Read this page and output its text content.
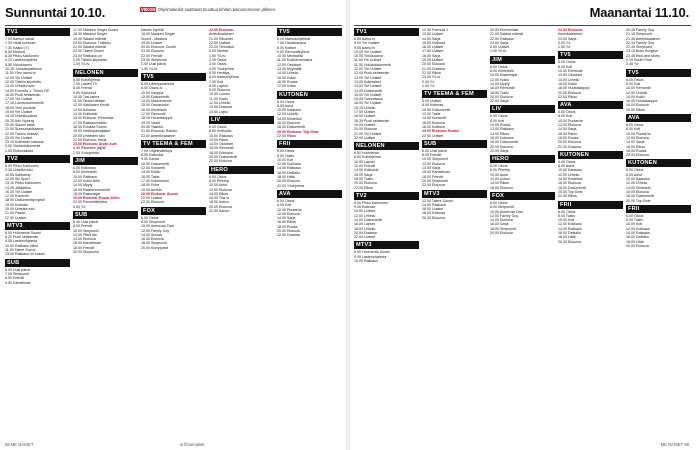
Sunnuntai 10.10.	VIIKON Ohjelmatiedot saattavat muuttua lehden painoonmenon jälkeen.
TV1
7.00 Aamun sanat
7.05 Hetki suvessa
7.30 Kaapo (7)
8.00 Muumit
8.30 Pikku Kakkonen
9.20 Lastenohjelmia
9.50 Ykkösaamu
10.30 Jumalanpalvelus
11.30 Ylen aamu-tv
12.00 Yle Uutiset
12.05 Tähtiin kirjoitettu
13.00 Urheiluruutu
14.00 Formula 1: Turkin GP
16.00 Puoli seitsemän
17.00 Yle Uutiset
17.10 Luontodokumentti
18.00 Ylen puolella
19.00 Yle Uutiset
19.15 Urheiluuutiset
19.20 Arto Nyberg
20.00 Sukuni salat
21.00 Sunnuntaidraama
22.00 Tunnin dokkari
23.00 Yle Uutiset
23.15 Kotimaan katsaus
0.00 Ykkösdokumentti
1.05 Elokuvaklubi
TV2
6.00 Pikku Kakkonen
9.30 Urheiluruutu
10.55 Salibandy
12.00 Ski Sport
13.10 Pikku Kakkonen
14.05 Jääkiekko
16.30 Yle Uutiset
17.00 Kummeli
18.00 Dokumenttiprojekti
19.00 Kotikatu
20.00 Urheiluruutu
21.00 Pasila
22.00 Uutiset
MTV3
6.00 Huomenta Suomi
8.20 Puoli seitsemän
9.55 Lastenohjelmia
10.00 Rakkaus kiitos
11.00 Talent Suomi
13.00 Rakkaus on sokea
SUB
6.00 Uusi päivä
7.00 Simpsonit
8.00 Frendit
9.00 Kahdeksan
17.00 Masked Singer Suomi
18.30 Masked Singer
19.00 Salatut elämät
20.00 Elokuva: Tulitikku
21.00 Salatut elämät
22.00 Talent Suomi
23.00 Rakkaus on
0.00 Tähtiin kirjoitettu
1.00 Yö-tv
NELONEN
6.00 Kotiohjelma
7.00 Lasten TV
8.00 Frendit
9.00 Kadonnut
10.00 Tosi tarina
11.00 Tanssii tähtien
12.00 Kakkosen Kevät
13.00 Autoilua
14.00 Kotikokki
15.00 Elokuva: Prinsessa
17.00 Rakkausvaihto
18.00 Ruokaa Suomi
19.00 Keittiöpainajaiset
20.00 Unelmien talo
21.00 Elokuva: Hurja
23.00 Elokuva: Aivan kuin
0.45 Rikoksen jäljillä
1.45 Yöohjelmia
JIM
6.00 Kotiostos
8.00 Kiinteistöt
10.00 Rakkaus
12.00 Kokki tähti
14.00 Myyty
16.00 Rakennusmiehet
18.00 Rakentajat
20.00 Elokuva: Ruma Velho
22.00 Remonttireiska
0.00 Yö
SUB
6.00 Uusi päivä
8.00 Frendit
10.00 Simpsonit
12.00 Pitkä ilta
14.00 Elokuva
16.00 Kahdeksan
18.00 Frendit
20.00 Simpsonit
Naruto myöhä
18.00 Masked Singer
Suomi - Masked
19.00 Uutiset
20.00 Elokuva: Zombi
21.30 Elokuva
22.00 Frendit
23.00 Simpsonit
0.00 Uusi päivä
1.00 Yö-tv
TV5
6.00 Lähetystoiminta
8.00 Ostos-tv
10.00 Kauppa
12.00 Dokumentti
14.00 Madventures
15.00 Ostosvinkit
16.00 Kiinteistöt
17.00 Remontti
18.00 Huutokauppa
19.00 Vaalit
20.00 Taistelu
21.00 Elokuva: Rambo
23.00 Amerikkalainen
TV TEEMA & FEM
7.00 Ohjelmatietoja
8.00 Kotikokki
9.00 Kansa
10.00 Dokumentti
12.00 Konsertti
14.00 Radio
16.00 Taide
17.00 Kotimainen
18.00 Puhe
19.00 Arkisto
20.00 Elokuva: Suomi
22.00 Uutiset
22.30 Elokuva
FOX
6.00 Ostos
8.00 Simpsonit
10.00 American Dad
12.00 Family Guy
14.00 Sunset
16.00 Elokuva
18.00 Simpsonit
20.00 Kumppanit
22.00 Elokuva:
Amerikkalainen
21.00 Rikokset
22.00 Uutiset
23.00 Tietoiskut
0.00 Murhat
1.00 Yö-tv
2.00 Ostos
3.00 Ostos
4.00 Yöohjelma
5.00 Herätys
6.00 Aamuohjelma
7.00 Koti
8.00 Lapset
9.00 Elokuva
10.00 Luonto
11.00 Tositv
12.00 Urheilu
13.00 Draama
14.00 Lapsi
LIV
6.00 Ostos
8.00 Kotikokki
10.00 Rakkaus
12.00 Rikos
14.00 Ostokset
16.00 Remontti
18.00 Kokkaus
20.00 Dokumentti
22.00 Elokuva
HERO
6.00 Ostos
8.00 Piirretyt
10.00 Autot
12.00 Elokuva
14.00 Rikos
16.00 Tosi tv
18.00 Action
20.00 Elokuva
22.00 Kauhu
TV5
6.10 Mainosohjelmat
7.00 Ostoskanava
8.00 Kotitori
9.00 Remonttiryhmä
10.00 Merihaitat
11.00 Kodinkunnostus
12.00 Ostokset
13.00 Myymälä
14.00 Urheilu
15.00 Kokki
16.00 Ruoka
17.00 Kotiin
KUTONEN
6.00 Ostos
8.00 Autot
10.00 Kalastus
12.00 Urheilu
14.00 Kiinteistö
16.00 Elokuva
18.00 Dokumentti
20.00 Elokuva: Top Gear
22.00 Rikos
FRII
6.00 Ostos
8.00 Tositv
10.00 Koti
12.00 Kokkaus
14.00 Rakkaus
16.00 Deittailu
18.00 Häät
20.00 Elokuva
22.00 Yöohjelma
AVA
6.00 Ostos
8.00 Koti
10.00 Puutarha
12.00 Elokuva
14.00 Sarja
16.00 Rikos
18.00 Ruoka
20.00 Elokuva
22.00 Draama
58 ME NAISET	is.fi/menaiset
Maanantai 11.10.
TV1
5.55 Aamu-tv
9.00 Yle Uutiset
9.05 Aamu-tv
10.00 Yle Uutiset
10.05 Ykkösaamu
11.00 Yle Uutiset
11.05 Ykkösdokumentti
12.00 Yle Uutiset
12.05 Puoli seitsemän
13.00 Yle Uutiset
13.05 Kotimaiset
14.00 Yle Uutiset
14.05 Dokumentti
15.00 Yle Uutiset
15.05 Tulevaisuus
16.00 Yle Uutiset
16.15 Urheilu
17.00 Uutiset
18.00 Uutiset
18.30 Puoli seitsemän
19.00 Uutiset
20.00 Elokuva
21.00 Yle Uutiset
22.00 Uutiset
NELONEN
6.00 Huomenta
8.00 Kotiohjelma
10.00 Lapset
12.00 Frendit
14.00 Kotikokki
16.00 Sarja
18.00 Tositv
20.00 Elokuva
22.00 Rikos
TV2
6.00 Pikku Kakkonen
9.00 Kotimaa
10.00 Uutiset
12.00 Urheilu
14.00 Dokumentti
16.00 Lapset
18.00 Urheilu
20.00 Draama
22.00 Uutiset
MTV3
6.00 Huomenta Suomi
9.00 Lastenohjelmia
10.00 Rakkaus
12.00 Formula 1
13.00 Uutiset
14.00 Sarja
15.00 Kotimaa
16.00 Uutiset
17.00 Uutiset
18.00 Sarja
19.00 Uutiset
20.00 Elokuva
21.00 Draama
22.00 Rikos
23.00 Yö-tv
0.00 Yö
1.00 Yö
TV TEEMA & FEM
6.00 Uutiset
8.00 Kotimaa
10.00 Dokumentti
12.00 Taide
14.00 Konsertti
16.00 Elokuva
18.00 Kulttuuri
20.00 Elokuva: Ruotsi
22.00 Uutiset
SUB
6.00 Uusi päivä
8.00 Frendit
10.00 Simpsonit
12.00 Elokuva
14.00 Sarja
16.00 Kahdeksan
18.00 Frendit
20.00 Simpsonit
22.00 Elokuva
MTV3
12.00 Talent Suomi
14.00 Rakkaus
16.00 Uutiset
18.00 Kotimaa
20.00 Elokuva
20.00 Emmerdale
21.00 Salatut elämät
22.00 Rakkaus
23.00 Sarja
0.00 Uutiset
1.00 Yö-tv
JIM
6.00 Ostos
8.00 Kiinteistöt
10.00 Rakentajat
12.00 Kokki
14.00 Myyty
16.00 Remontti
18.00 Tositv
20.00 Elokuva
22.00 Sarja
LIV
6.00 Ostos
8.00 Koti
10.00 Ruoka
12.00 Rakkaus
14.00 Rikos
16.00 Kokkaus
18.00 Dokumentti
20.00 Elokuva
22.00 Sarja
HERO
6.00 Ostos
8.00 Piirretyt
10.00 Autot
12.00 Action
14.00 Rikos
16.00 Elokuva
FOX
6.00 Ostos
8.00 Simpsonit
10.00 American Dad
12.00 Family Guy
14.00 Elokuva
16.00 Sarja
18.00 Simpsonit
20.00 Elokuva
22.00 Elokuva:
Amerikkalainen
23.00 Sarja
0.00 Yö
1.00 Yö
TV5
6.00 Ostos
8.00 Koti
10.00 Remontti
12.00 Ostokset
14.00 Urheilu
16.00 Kokki
18.00 Huutokauppa
20.00 Elokuva
22.00 Rikos
AVA
6.00 Ostos
8.00 Koti
10.00 Puutarha
12.00 Elokuva
14.00 Sarja
16.00 Rikos
18.00 Ruoka
20.00 Elokuva
22.00 Draama
KUTONEN
6.00 Ostos
8.00 Autot
10.00 Kalastus
12.00 Urheilu
14.00 Kiinteistö
16.00 Elokuva
18.00 Dokumentti
20.00 Top Gear
22.00 Rikos
FRII
6.00 Ostos
8.00 Tositv
10.00 Koti
12.00 Kokkaus
14.00 Rakkaus
16.00 Deittailu
18.00 Häät
20.00 Elokuva
20.45 Family Guy
21.15 Simpsonit
21.45 Amerikkalainen
22.15 Family Guy
22.45 Simpsonit
23.15 Bobs Burgers
23.45 Rick and Morty
0.15 South Park
0.45 Yö
TV5
6.00 Ostos
8.00 Koti
10.00 Remontti
12.00 Urheilu
14.00 Kokki
16.00 Huutokauppa
18.00 Elokuva
20.00 Rikos
AVA
6.00 Ostos
8.00 Koti
10.00 Puutarha
12.00 Elokuva
14.00 Sarja
16.00 Rikos
18.00 Ruoka
20.00 Elokuva
KUTONEN
6.00 Ostos
8.00 Autot
10.00 Kalastus
12.00 Urheilu
14.00 Kiinteistö
16.00 Elokuva
18.00 Dokumentti
20.00 Top Gear
FRII
6.00 Ostos
8.00 Tositv
10.00 Koti
12.00 Kokkaus
14.00 Rakkaus
16.00 Deittailu
18.00 Häät
20.00 Elokuva
ME NAISET 59
